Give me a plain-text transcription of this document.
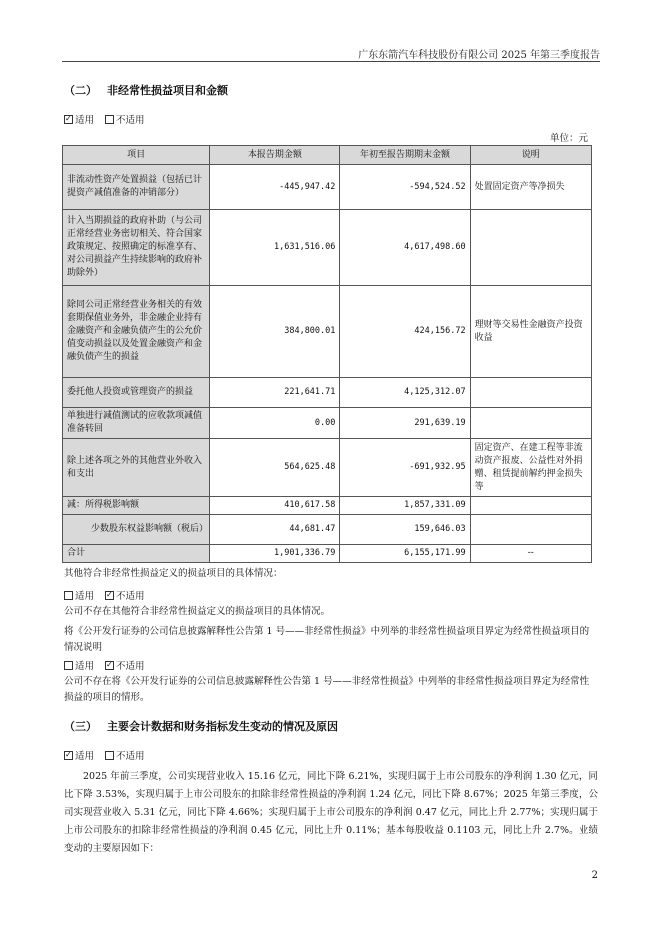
广东东箭汽车科技股份有限公司 2025 年第三季度报告
（二） 非经常性损益项目和金额
✓适用 不适用
单位：元
项目	本报告期金额	年初至报告期期末金额	说明
非流动性资产处置损益（包括已计提资产减值准备的冲销部分）	-445,947.42	-594,524.52	处置固定资产等净损失
计入当期损益的政府补助（与公司正常经营业务密切相关、符合国家政策规定、按照确定的标准享有、对公司损益产生持续影响的政府补助除外）	1,631,516.06	4,617,498.60	
除同公司正常经营业务相关的有效套期保值业务外，非金融企业持有金融资产和金融负债产生的公允价值变动损益以及处置金融资产和金融负债产生的损益	384,800.01	424,156.72	理财等交易性金融资产投资收益
委托他人投资或管理资产的损益	221,641.71	4,125,312.07	
单独进行减值测试的应收款项减值准备转回	0.00	291,639.19	
除上述各项之外的其他营业外收入和支出	564,625.48	-691,932.95	固定资产、在建工程等非流动资产报废、公益性对外捐赠、租赁提前解约押金损失等
减：所得税影响额	410,617.58	1,857,331.09	
少数股东权益影响额（税后）	44,681.47	159,646.03	
合计	1,901,336.79	6,155,171.99	--
其他符合非经常性损益定义的损益项目的具体情况：
适用 ✓ 不适用
公司不存在其他符合非经常性损益定义的损益项目的具体情况。
将《公开发行证券的公司信息披露解释性公告第 1 号——非经常性损益》中列举的非经常性损益项目界定为经常性损益项目的情况说明
适用 ✓ 不适用
公司不存在将《公开发行证券的公司信息披露解释性公告第 1 号——非经常性损益》中列举的非经常性损益项目界定为经常性损益的项目的情形。
（三） 主要会计数据和财务指标发生变动的情况及原因
✓适用 不适用
2025 年前三季度，公司实现营业收入 15.16 亿元，同比下降 6.21%，实现归属于上市公司股东的净利润 1.30 亿元，同比下降 3.53%，实现归属于上市公司股东的扣除非经常性损益的净利润 1.24 亿元，同比下降 8.67%；2025 年第三季度，公司实现营业收入 5.31 亿元，同比下降 4.66%；实现归属于上市公司股东的净利润 0.47 亿元，同比上升 2.77%；实现归属于上市公司股东的扣除非经常性损益的净利润 0.45 亿元，同比上升 0.11%；基本每股收益 0.1103 元，同比上升 2.7%。业绩变动的主要原因如下：
2
